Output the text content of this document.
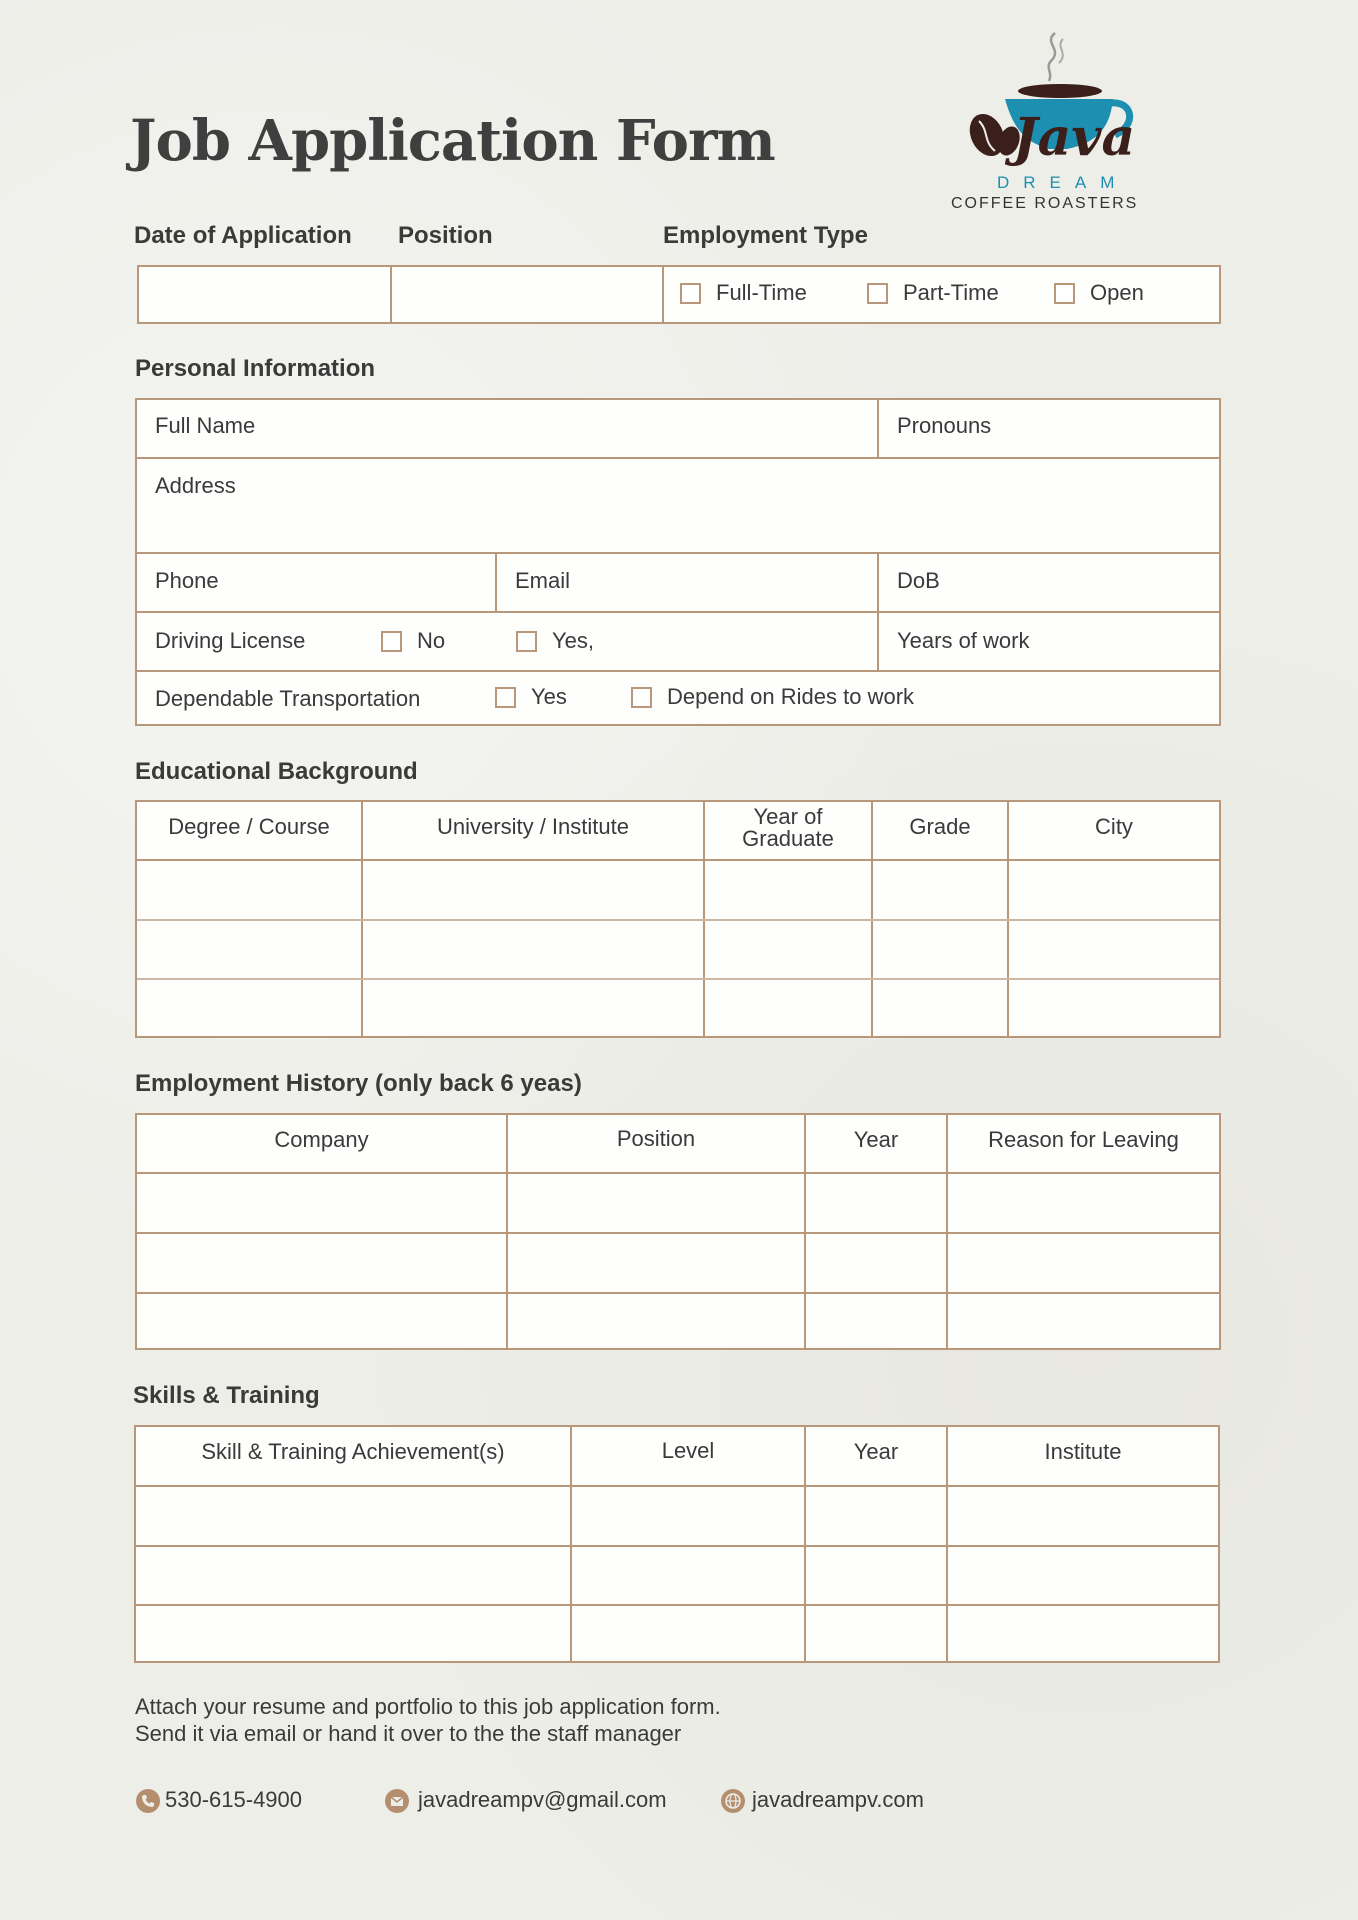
Job Application Form	Java
DREAM
COFFEE ROASTERS
Date of Application Position	Employment Type
Full-Time	Part-Time	Open
Personal Information
Full Name	Pronouns
Address
Phone	Email	DoB
Driving License	No	Yes,	Years of work
Dependable Transportation	Yes	Depend on Rides to work
Educational Background
Degree / Course	University / Institute	Year of Graduate	Grade	City
Employment History (only back 6 yeas)
Company	Position	Year	Reason for Leaving
Skills & Training
Skill & Training Achievement(s)	Level	Year	Institute
Attach your resume and portfolio to this job application form.
Send it via email or hand it over to the the staff manager
530-615-4900	javadreampv@gmail.com	javadreampv.com
